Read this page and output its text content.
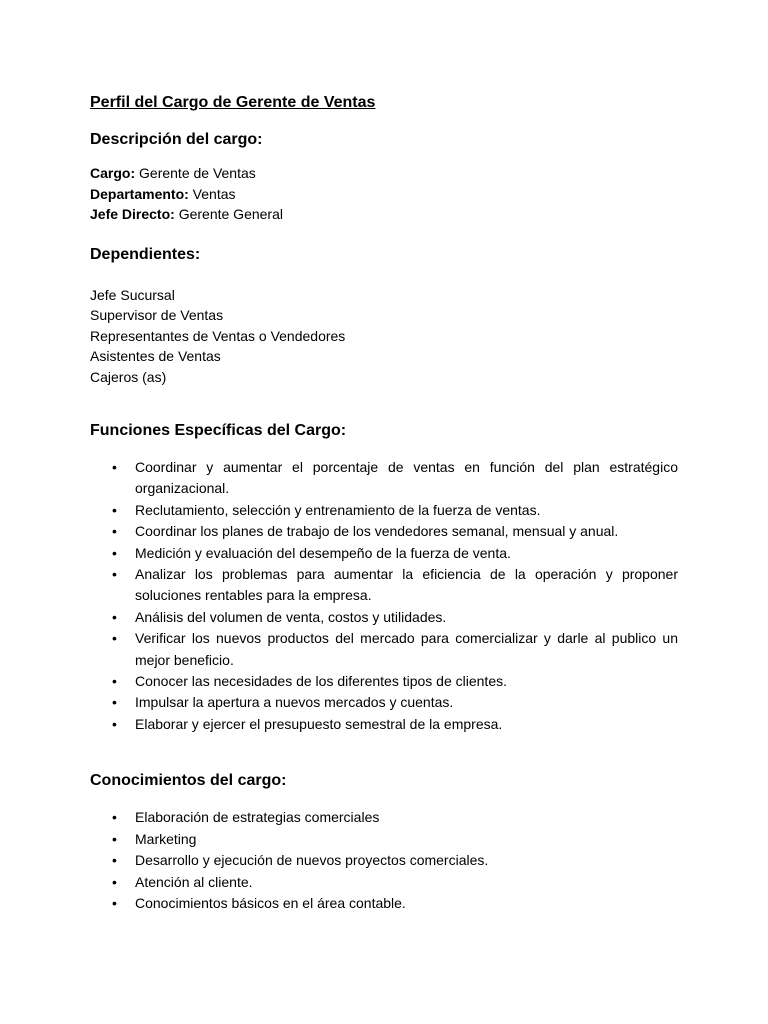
Perfil del Cargo de Gerente de Ventas
Descripción del cargo:

Cargo: Gerente de Ventas

Departamento: Ventas

Jefe Directo: Gerente General

Dependientes:

Jefe Sucursal

Supervisor de Ventas

Representantes de Ventas o Vendedores

Asistentes de Ventas

Cajeros (as)

Funciones Específicas del Cargo:
• Coordinar y aumentar el porcentaje de ventas en función del plan estratégico organizacional.
• Reclutamiento, selección y entrenamiento de la fuerza de ventas.
• Coordinar los planes de trabajo de los vendedores semanal, mensual y anual.
• Medición y evaluación del desempeño de la fuerza de venta.
• Analizar los problemas para aumentar la eficiencia de la operación y proponer soluciones rentables para la empresa.
• Análisis del volumen de venta, costos y utilidades.
• Verificar los nuevos productos del mercado para comercializar y darle al publico un mejor beneficio.
• Conocer las necesidades de los diferentes tipos de clientes.
• Impulsar la apertura a nuevos mercados y cuentas.
• Elaborar y ejercer el presupuesto semestral de la empresa.
Conocimientos del cargo:
• Elaboración de estrategias comerciales
• Marketing
• Desarrollo y ejecución de nuevos proyectos comerciales.
• Atención al cliente.
• Conocimientos básicos en el área contable.
